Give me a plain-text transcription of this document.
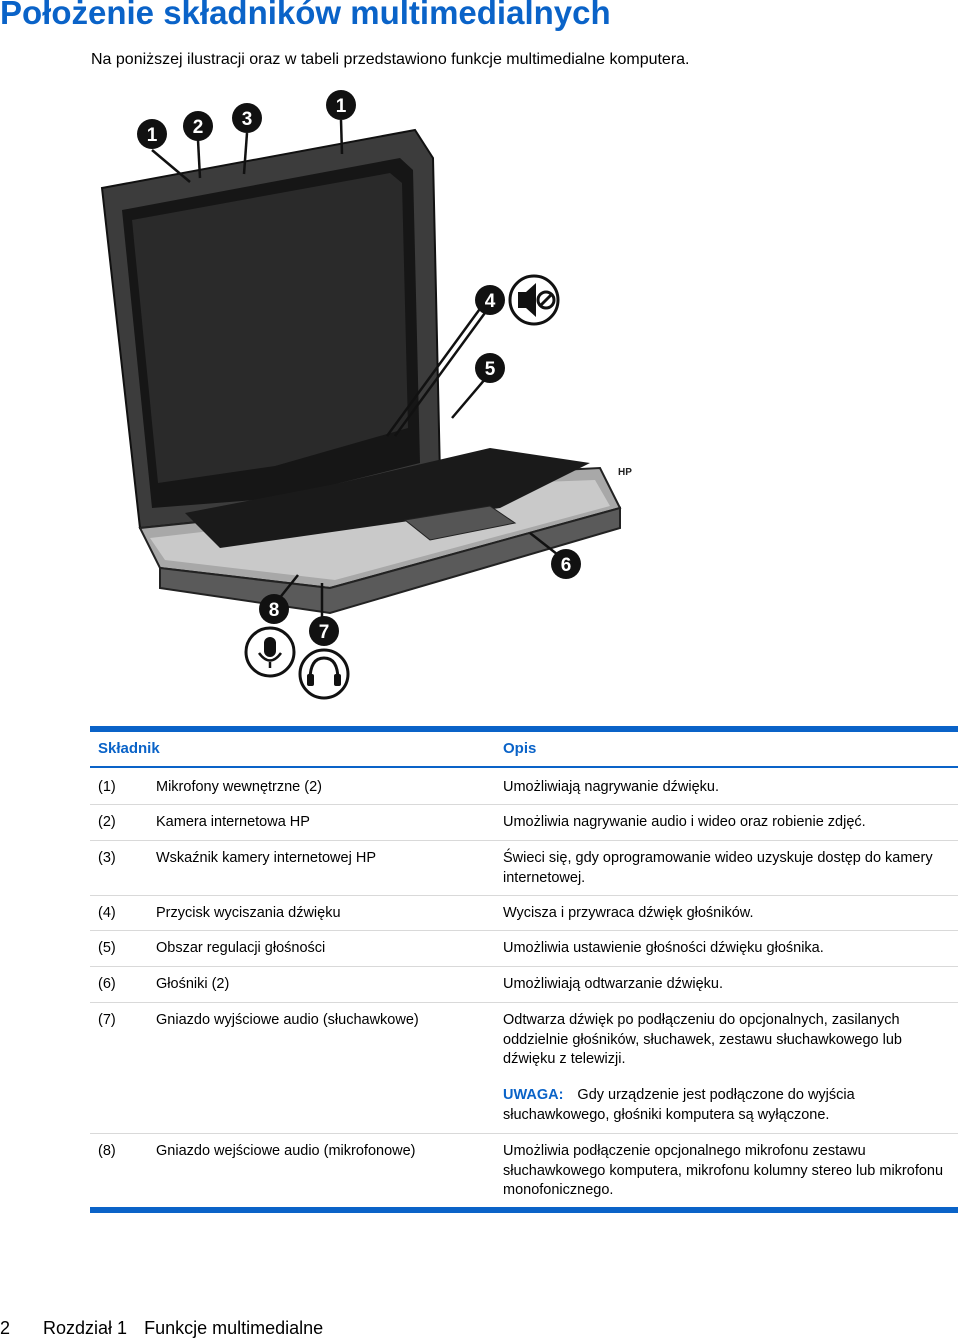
Położenie składników multimedialnych

Na poniższej ilustracji oraz w tabeli przedstawiono funkcje multimedialne komputera.

HP
1 2 3
1
4
5
6
8
7
Składnik	Opis
(1)	Mikrofony wewnętrzne (2)	Umożliwiają nagrywanie dźwięku.
(2)	Kamera internetowa HP	Umożliwia nagrywanie audio i wideo oraz robienie zdjęć.
(3)	Wskaźnik kamery internetowej HP	Świeci się, gdy oprogramowanie wideo uzyskuje dostęp do kamery internetowej.
(4)	Przycisk wyciszania dźwięku	Wycisza i przywraca dźwięk głośników.
(5)	Obszar regulacji głośności	Umożliwia ustawienie głośności dźwięku głośnika.
(6)	Głośniki (2)	Umożliwiają odtwarzanie dźwięku.
(7)	Gniazdo wyjściowe audio (słuchawkowe)	Odtwarza dźwięk po podłączeniu do opcjonalnych, zasilanych oddzielnie głośników, słuchawek, zestawu słuchawkowego lub dźwięku z telewizji.
UWAGA: Gdy urządzenie jest podłączone do wyjścia słuchawkowego, głośniki komputera są wyłączone.
(8)	Gniazdo wejściowe audio (mikrofonowe)	Umożliwia podłączenie opcjonalnego mikrofonu zestawu słuchawkowego komputera, mikrofonu kolumny stereo lub mikrofonu monofonicznego.
2 Rozdział 1 Funkcje multimedialne
